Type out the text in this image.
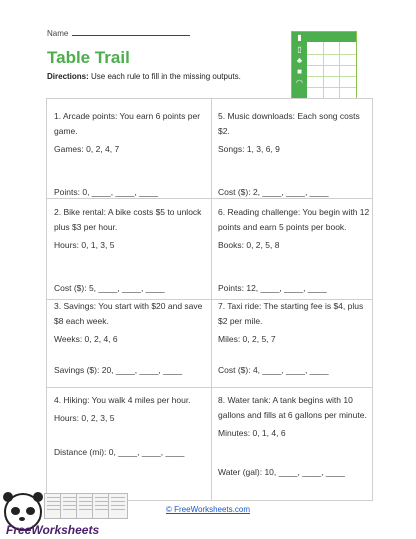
Name
Table Trail
Directions: Use each rule to fill in the missing outputs.
▮
▯
♣
■
◠
1. Arcade points: You earn 6 points per game.
Games: 0, 2, 4, 7
Points: 0, ____, ____, ____
5. Music downloads: Each song costs $2.
Songs: 1, 3, 6, 9
Cost ($): 2, ____, ____, ____
2. Bike rental: A bike costs $5 to unlock plus $3 per hour.
Hours: 0, 1, 3, 5
Cost ($): 5, ____, ____, ____
6. Reading challenge: You begin with 12 points and earn 5 points per book.
Books: 0, 2, 5, 8
Points: 12, ____, ____, ____
3. Savings: You start with $20 and save $8 each week.
Weeks: 0, 2, 4, 6
Savings ($): 20, ____, ____, ____
7. Taxi ride: The starting fee is $4, plus $2 per mile.
Miles: 0, 2, 5, 7
Cost ($): 4, ____, ____, ____
4. Hiking: You walk 4 miles per hour.
Hours: 0, 2, 3, 5
Distance (mi): 0, ____, ____, ____
8. Water tank: A tank begins with 10 gallons and fills at 6 gallons per minute.
Minutes: 0, 1, 4, 6
Water (gal): 10, ____, ____, ____
FreeWorksheets
© FreeWorksheets.com
